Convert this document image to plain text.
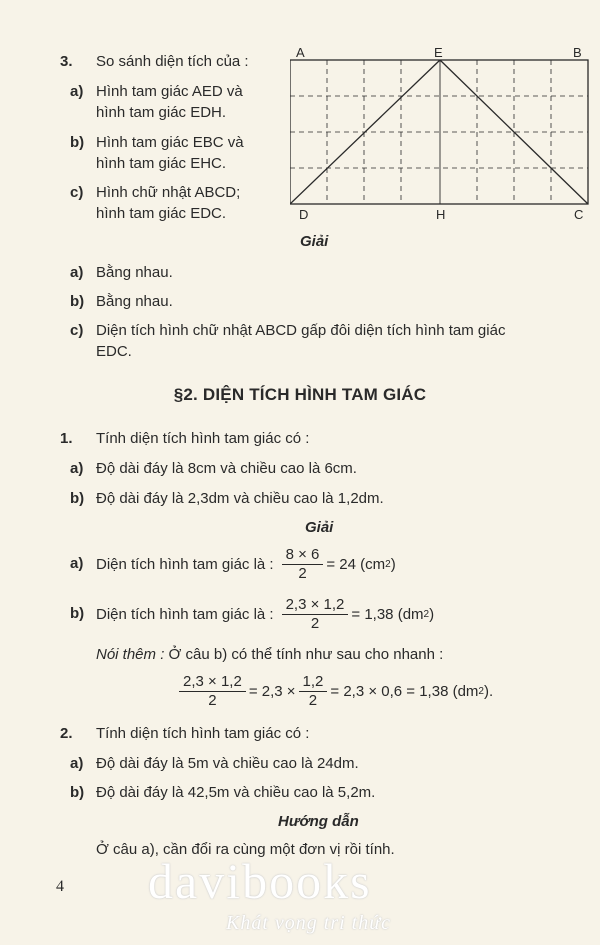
3. So sánh diện tích của :
a) Hình tam giác AED và
hình tam giác EDH.
b) Hình tam giác EBC và
hình tam giác EHC.
c) Hình chữ nhật ABCD;
hình tam giác EDC.
A	E	B
D	H	C
Giải
a) Bằng nhau.
b) Bằng nhau.
c) Diện tích hình chữ nhật ABCD gấp đôi diện tích hình tam giác
EDC.
§2. DIỆN TÍCH HÌNH TAM GIÁC
1. Tính diện tích hình tam giác có :
a) Độ dài đáy là 8cm và chiều cao là 6cm.
b) Độ dài đáy là 2,3dm và chiều cao là 1,2dm.
Giải
a) Diện tích hình tam giác là : $\frac{8 \times 6}{2} = 24$ (cm 2 )
b) Diện tích hình tam giác là : $\frac{2,3 \times 1,2}{2} = 1,38$ (dm 2 )
Nói thêm : Ở câu b) có thể tính như sau cho nhanh :
$\frac{2,3 \times 1,2}{2} = 2,3 \times \frac{1,2}{2} = 2,3 \times 0,6 = 1,38$ (dm 2 ).
2. Tính diện tích hình tam giác có :
a) Độ dài đáy là 5m và chiều cao là 24dm.
b) Độ dài đáy là 42,5m và chiều cao là 5,2m.
Hướng dẫn
Ở câu a), cần đổi ra cùng một đơn vị rồi tính.
4 davibooks
Khát vọng tri thức
